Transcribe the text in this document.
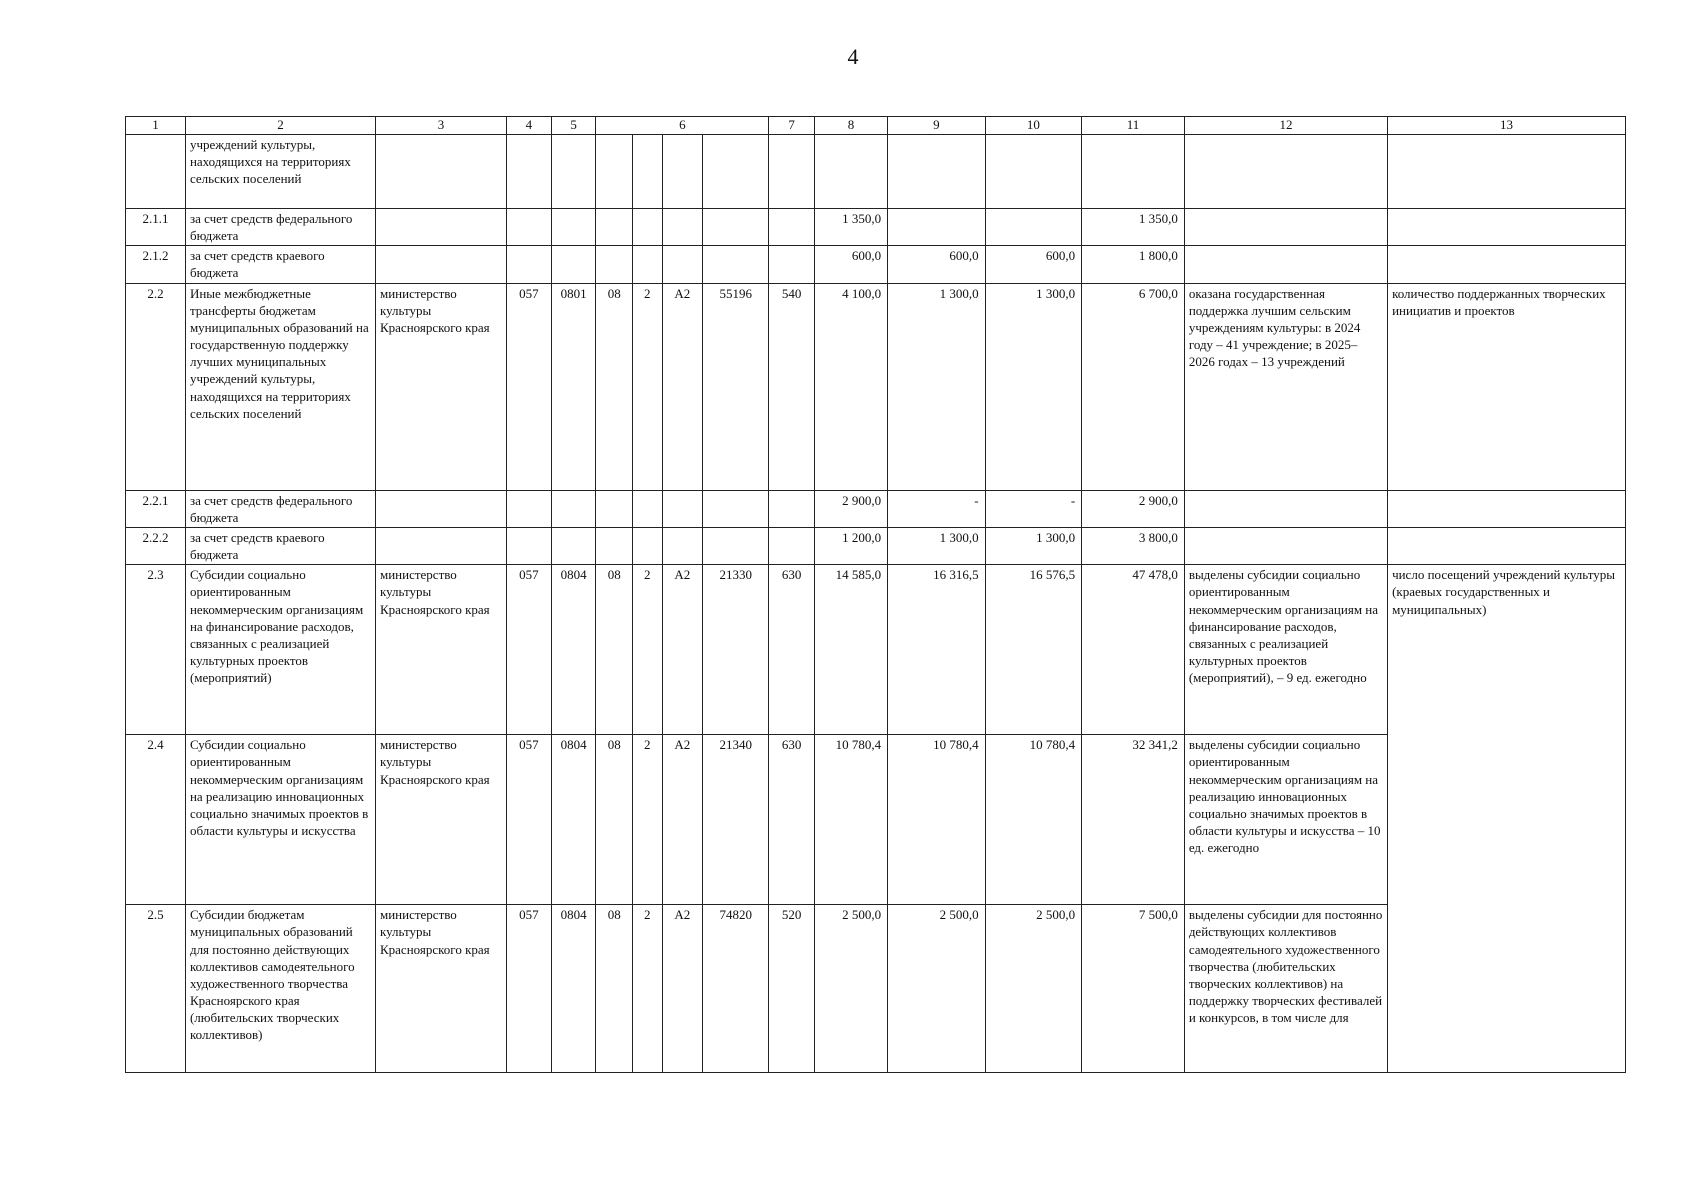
4
1	2	3	4	5	6				7	8	9	10	11	12	13
	учреждений культуры, находящихся на территориях сельских поселений														
2.1.1	за счет средств федерального бюджета									1 350,0			1 350,0		
2.1.2	за счет средств краевого бюджета									600,0	600,0	600,0	1 800,0		
2.2	Иные межбюджетные трансферты бюджетам муниципальных образований на государственную поддержку лучших муниципальных учреждений культуры, находящихся на территориях сельских поселений	министерство культуры Красноярского края	057	0801	08	2	А2	55196	540	4 100,0	1 300,0	1 300,0	6 700,0	оказана государственная поддержка лучшим сельским учреждениям культуры: в 2024 году – 41 учреждение; в 2025–2026 годах – 13 учреждений	количество поддержанных творческих инициатив и проектов
2.2.1	за счет средств федерального бюджета									2 900,0	-	-	2 900,0		
2.2.2	за счет средств краевого бюджета									1 200,0	1 300,0	1 300,0	3 800,0		
2.3	Субсидии социально ориентированным некоммерческим организациям на финансирование расходов, связанных с реализацией культурных проектов (мероприятий)	министерство культуры Красноярского края	057	0804	08	2	А2	21330	630	14 585,0	16 316,5	16 576,5	47 478,0	выделены субсидии социально ориентированным некоммерческим организациям на финансирование расходов, связанных с реализацией культурных проектов (мероприятий), – 9 ед. ежегодно	число посещений учреждений культуры (краевых государственных и муниципальных)
2.4	Субсидии социально ориентированным некоммерческим организациям на реализацию инновационных социально значимых проектов в области культуры и искусства	министерство культуры Красноярского края	057	0804	08	2	А2	21340	630	10 780,4	10 780,4	10 780,4	32 341,2	выделены субсидии социально ориентированным некоммерческим организациям на реализацию инновационных социально значимых проектов в области культуры и искусства – 10 ед. ежегодно	
2.5	Субсидии бюджетам муниципальных образований для постоянно действующих коллективов самодеятельного художественного творчества Красноярского края (любительских творческих коллективов)	министерство культуры Красноярского края	057	0804	08	2	А2	74820	520	2 500,0	2 500,0	2 500,0	7 500,0	выделены субсидии для постоянно действующих коллективов самодеятельного художественного творчества (любительских творческих коллективов) на поддержку творческих фестивалей и конкурсов, в том числе для	
